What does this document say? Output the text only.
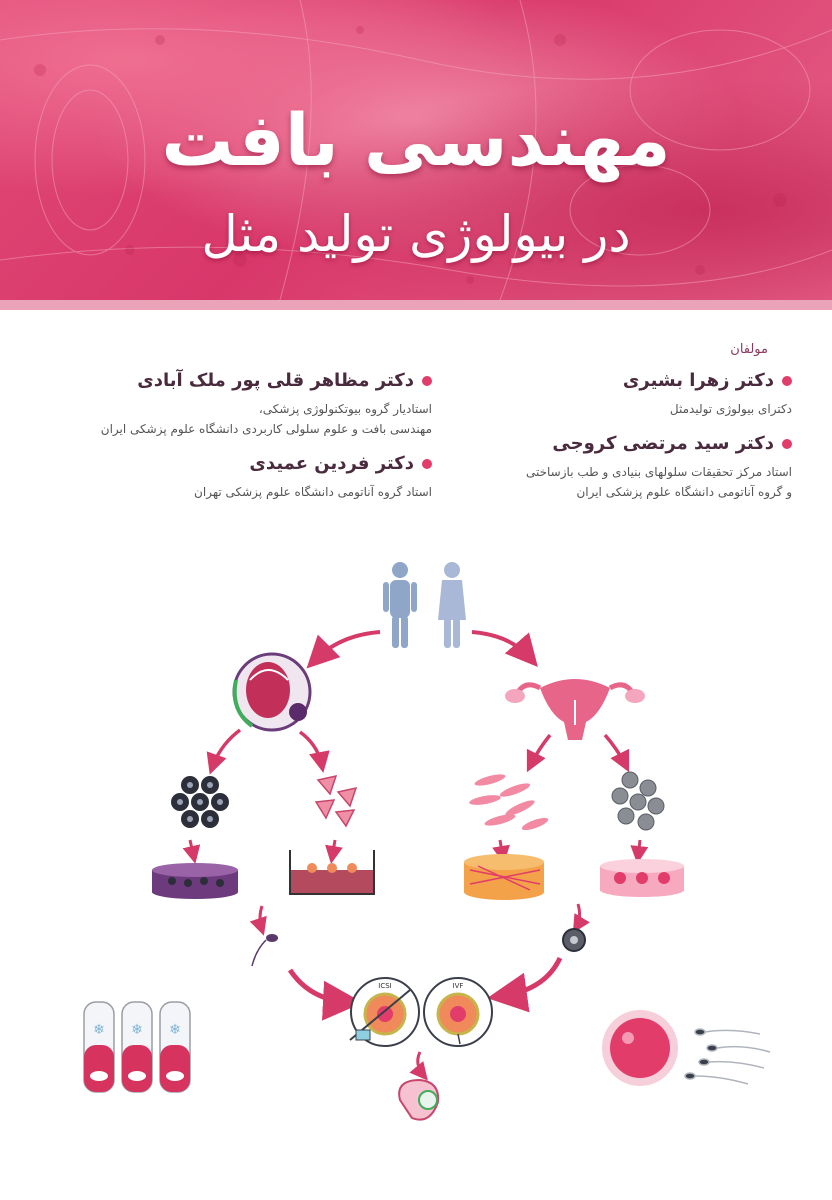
مهندسی بافت
در بیولوژی تولید مثل
مولفان
دکتر زهرا بشیری
دکترای بیولوژی تولیدمثل
دکتر سید مرتضی کروجی
استاد مرکز تحقیقات سلولهای بنیادی و طب بازساختی
و گروه آناتومی دانشگاه علوم پزشکی ایران
دکتر مظاهر قلی پور ملک آبادی
استادیار گروه بیوتکنولوژی پزشکی،
مهندسی بافت و علوم سلولی کاربردی دانشگاه علوم پزشکی ایران
دکتر فردین عمیدی
استاد گروه آناتومی دانشگاه علوم پزشکی تهران
ICSI	IVF
❄ ❄ ❄
